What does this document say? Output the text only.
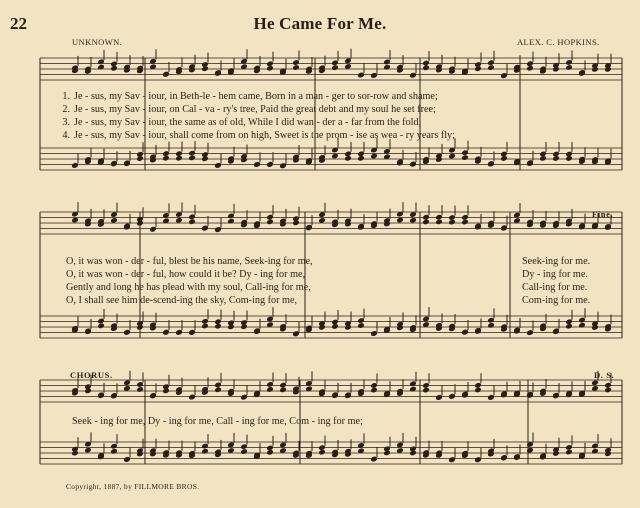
22	He Came For Me.
UNKNOWN.	ALEX. C. HOPKINS.
1. Je - sus, my Sav - iour, in Beth-le - hem came, Born in a man - ger to sor-row and shame;
2. Je - sus, my Sav - iour, on Cal - va - ry's tree, Paid the great debt and my soul he set free;
3. Je - sus, my Sav - iour, the same as of old, While I did wan - der a - far from the fold;
4. Je - sus, my Sav - iour, shall come from on high, Sweet is the prom - ise as wea - ry years fly;
Fine.
O, it was won - der - ful, blest be his name, Seek-ing for me,	Seek-ing for me.
O, it was won - der - ful, how could it be? Dy - ing for me,	Dy - ing for me.
Gently and long he has plead with my soul, Call-ing for me,	Call-ing for me.
O, I shall see him de-scend-ing the sky, Com-ing for me,	Com-ing for me.
CHORUS.	D. S.
Seek - ing for me, Dy - ing for me, Call - ing for me, Com - ing for me;
Copyright, 1887, by FILLMORE BROS.
